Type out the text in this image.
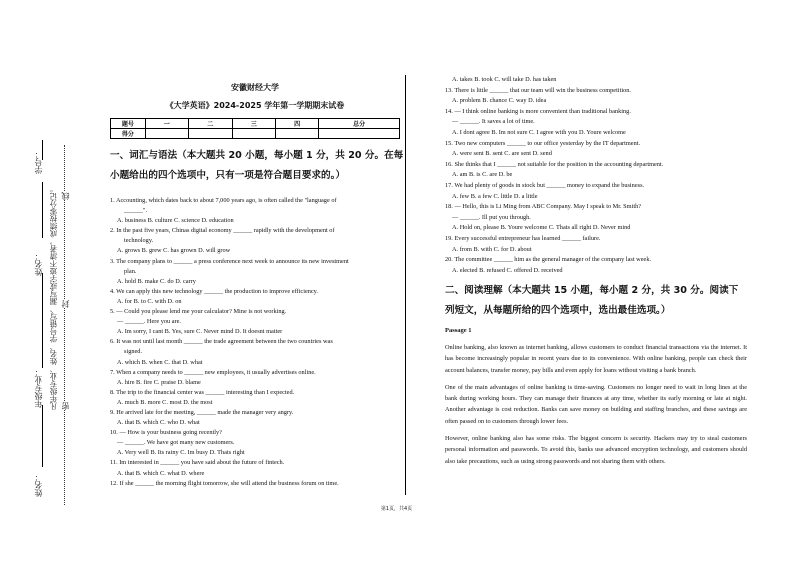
学号：
姓名：
年级专业：
姓名：
凡年级专业、姓名、学号错写、漏写或字迹不清者，成绩按零分记。 线
封
密
安徽财经大学
《大学英语》2024-2025 学年第一学期期末试卷
题号	一	二	三	四	总分
得分					
一、词汇与语法（本大题共 20 小题，每小题 1 分，共 20 分。在每
小题给出的四个选项中，只有一项是符合题目要求的。）
1. Accounting, which dates back to about 7,000 years ago, is often called the "language of
______".
A. business B. culture C. science D. education
2. In the past five years, Chinas digital economy ______ rapidly with the development of
technology.
A. grows B. grew C. has grown D. will grow
3. The company plans to ______ a press conference next week to announce its new investment
plan.
A. hold B. make C. do D. carry
4. We can apply this new technology ______ the production to improve efficiency.
A. for B. to C. with D. on
5. — Could you please lend me your calculator? Mine is not working.
— ______. Here you are.
A. Im sorry, I cant B. Yes, sure C. Never mind D. It doesnt matter
6. It was not until last month ______ the trade agreement between the two countries was
signed.
A. which B. when C. that D. what
7. When a company needs to ______ new employees, it usually advertises online.
A. hire B. fire C. praise D. blame
8. The trip to the financial center was ______ interesting than I expected.
A. much B. more C. most D. the most
9. He arrived late for the meeting, ______ made the manager very angry.
A. that B. which C. who D. what
10. — How is your business going recently?
— ______. We have got many new customers.
A. Very well B. Its rainy C. Im busy D. Thats right
11. Im interested in ______ you have said about the future of fintech.
A. that B. which C. what D. where
12. If she ______ the morning flight tomorrow, she will attend the business forum on time.
A. takes B. took C. will take D. has taken
13. There is little ______ that our team will win the business competition.
A. problem B. chance C. way D. idea
14. — I think online banking is more convenient than traditional banking.
— ______. It saves a lot of time.
A. I dont agree B. Im not sure C. I agree with you D. Youre welcome
15. Two new computers ______ to our office yesterday by the IT department.
A. were sent B. sent C. are sent D. send
16. She thinks that I ______ not suitable for the position in the accounting department.
A. am B. is C. are D. be
17. We had plenty of goods in stock but ______ money to expand the business.
A. few B. a few C. little D. a little
18. — Hello, this is Li Ming from ABC Company. May I speak to Mr. Smith?
— ______. Ill put you through.
A. Hold on, please B. Youre welcome C. Thats all right D. Never mind
19. Every successful entrepreneur has learned ______ failure.
A. from B. with C. for D. about
20. The committee ______ him as the general manager of the company last week.
A. elected B. refused C. offered D. received
二、阅读理解（本大题共 15 小题，每小题 2 分，共 30 分。阅读下
列短文，从每题所给的四个选项中，选出最佳选项。）
Passage 1

Online banking, also known as internet banking, allows customers to conduct financial transactions via the internet. It has become increasingly popular in recent years due to its convenience. With online banking, people can check their account balances, transfer money, pay bills and even apply for loans without visiting a bank branch.

One of the main advantages of online banking is time-saving. Customers no longer need to wait in long lines at the bank during working hours. They can manage their finances at any time, whether its early morning or late at night. Another advantage is cost reduction. Banks can save money on building and staffing branches, and these savings are often passed on to customers through lower fees.

However, online banking also has some risks. The biggest concern is security. Hackers may try to steal customers personal information and passwords. To avoid this, banks use advanced encryption technology, and customers should also take precautions, such as using strong passwords and not sharing them with others.

第1页，共4页
